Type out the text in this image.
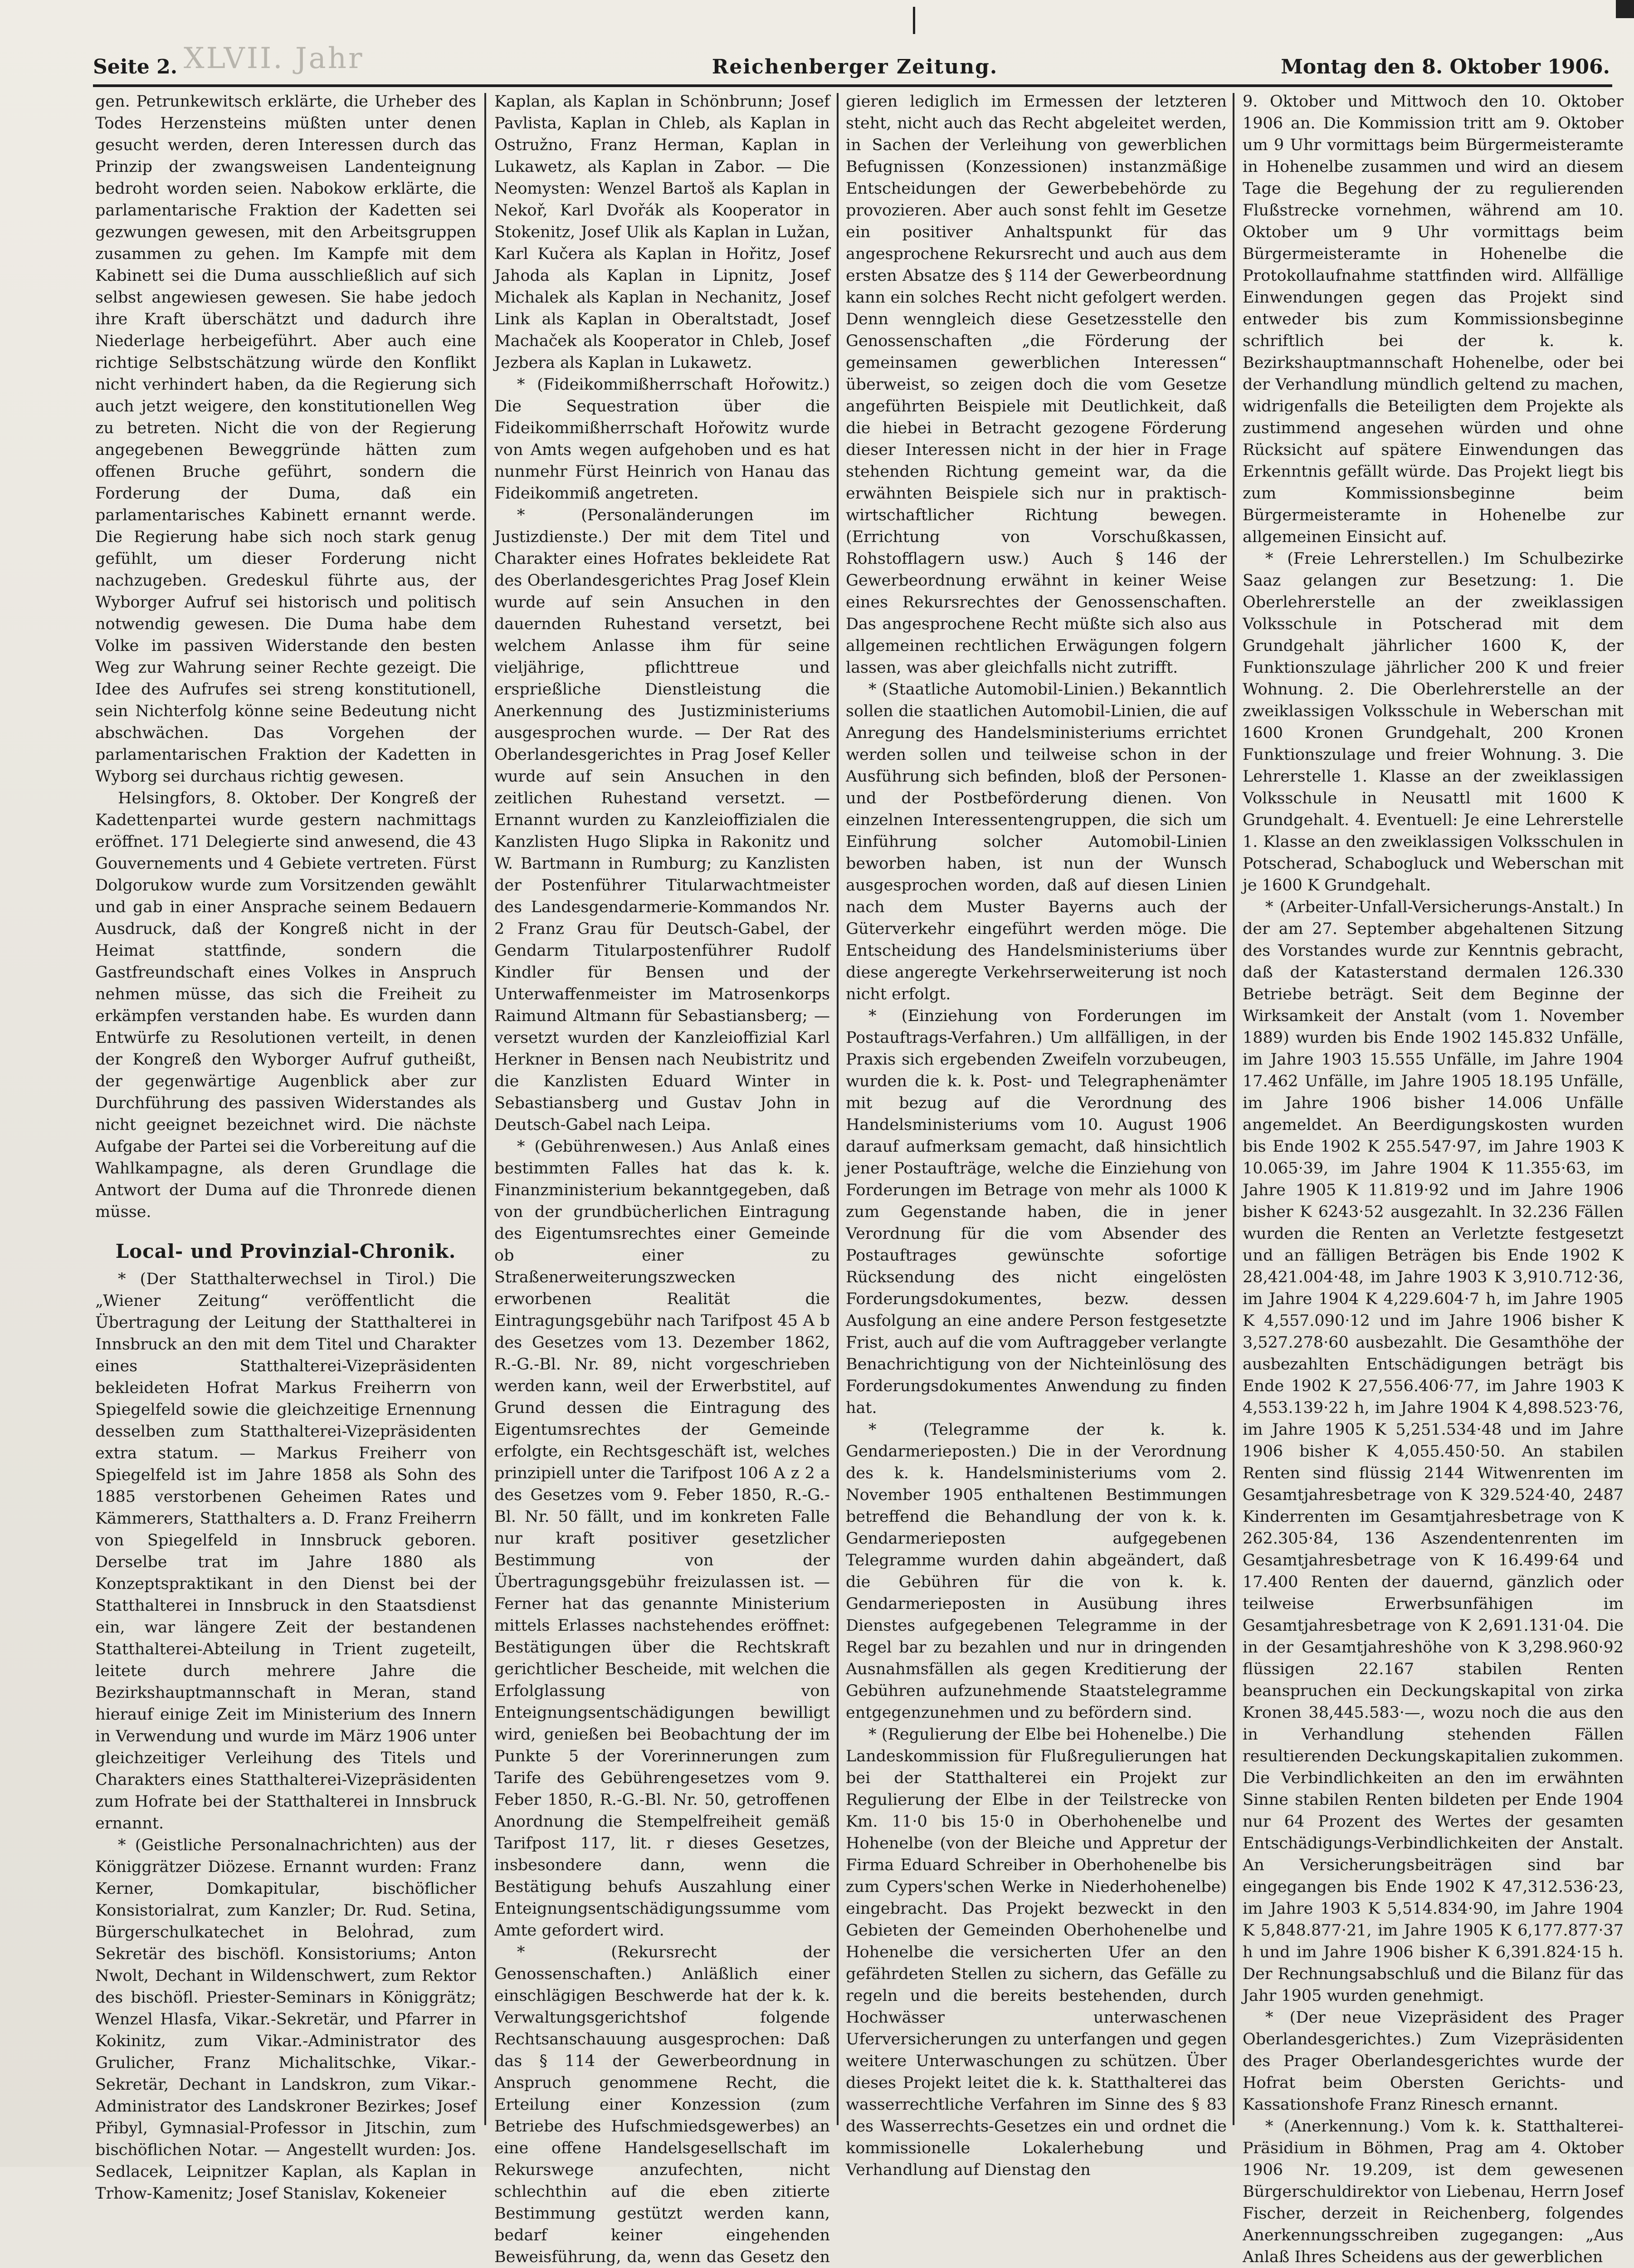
XLVII. Jahr
Seite 2.	Reichenberger Zeitung.	Montag den 8. Oktober 1906.

gen. Petrunkewitsch erklärte, die Urheber des Todes Herzensteins müßten unter denen gesucht werden, deren Interessen durch das Prinzip der zwangsweisen Landenteignung bedroht worden seien. Nabokow erklärte, die parlamentarische Fraktion der Kadetten sei gezwungen gewesen, mit den Arbeitsgruppen zusammen zu gehen. Im Kampfe mit dem Kabinett sei die Duma ausschließlich auf sich selbst angewiesen gewesen. Sie habe jedoch ihre Kraft überschätzt und dadurch ihre Niederlage herbeigeführt. Aber auch eine richtige Selbstschätzung würde den Konflikt nicht verhindert haben, da die Regierung sich auch jetzt weigere, den konstitutionellen Weg zu betreten. Nicht die von der Regierung angegebenen Beweggründe hätten zum offenen Bruche geführt, sondern die Forderung der Duma, daß ein parlamentarisches Kabinett ernannt werde. Die Regierung habe sich noch stark genug gefühlt, um dieser Forderung nicht nachzugeben. Gredeskul führte aus, der Wyborger Aufruf sei historisch und politisch notwendig gewesen. Die Duma habe dem Volke im passiven Widerstande den besten Weg zur Wahrung seiner Rechte gezeigt. Die Idee des Aufrufes sei streng konstitutionell, sein Nichterfolg könne seine Bedeutung nicht abschwächen. Das Vorgehen der parlamentarischen Fraktion der Kadetten in Wyborg sei durchaus richtig gewesen.

Helsingfors, 8. Oktober. Der Kongreß der Kadettenpartei wurde gestern nachmittags eröffnet. 171 Delegierte sind anwesend, die 43 Gouvernements und 4 Gebiete vertreten. Fürst Dolgorukow wurde zum Vorsitzenden gewählt und gab in einer Ansprache seinem Bedauern Ausdruck, daß der Kongreß nicht in der Heimat stattfinde, sondern die Gastfreundschaft eines Volkes in Anspruch nehmen müsse, das sich die Freiheit zu erkämpfen verstanden habe. Es wurden dann Entwürfe zu Resolutionen verteilt, in denen der Kongreß den Wyborger Aufruf gutheißt, der gegenwärtige Augenblick aber zur Durchführung des passiven Widerstandes als nicht geeignet bezeichnet wird. Die nächste Aufgabe der Partei sei die Vorbereitung auf die Wahlkampagne, als deren Grundlage die Antwort der Duma auf die Thronrede dienen müsse.

Local- und Provinzial-Chronik.

* (Der Statthalterwechsel in Tirol.) Die „Wiener Zeitung“ veröffentlicht die Übertragung der Leitung der Statthalterei in Innsbruck an den mit dem Titel und Charakter eines Statthalterei-Vizepräsidenten bekleideten Hofrat Markus Freiherrn von Spiegelfeld sowie die gleichzeitige Ernennung desselben zum Statthalterei-Vizepräsidenten extra statum. — Markus Freiherr von Spiegelfeld ist im Jahre 1858 als Sohn des 1885 verstorbenen Geheimen Rates und Kämmerers, Statthalters a. D. Franz Freiherrn von Spiegelfeld in Innsbruck geboren. Derselbe trat im Jahre 1880 als Konzeptspraktikant in den Dienst bei der Statthalterei in Innsbruck in den Staatsdienst ein, war längere Zeit der bestandenen Statthalterei-Abteilung in Trient zugeteilt, leitete durch mehrere Jahre die Bezirkshauptmannschaft in Meran, stand hierauf einige Zeit im Ministerium des Innern in Verwendung und wurde im März 1906 unter gleichzeitiger Verleihung des Titels und Charakters eines Statthalterei-Vizepräsidenten zum Hofrate bei der Statthalterei in Innsbruck ernannt.

* (Geistliche Personalnachrichten) aus der Königgrätzer Diözese. Ernannt wurden: Franz Kerner, Domkapitular, bischöflicher Konsistorialrat, zum Kanzler; Dr. Rud. Setina, Bürgerschulkatechet in Beloḣrad, zum Sekretär des bischöfl. Konsistoriums; Anton Nwolt, Dechant in Wildenschwert, zum Rektor des bischöfl. Priester-Seminars in Königgrätz; Wenzel Hlasfa, Vikar.-Sekretär, und Pfarrer in Kokinitz, zum Vikar.-Administrator des Grulicher, Franz Michalitschke, Vikar.-Sekretär, Dechant in Landskron, zum Vikar.-Administrator des Landskroner Bezirkes; Josef Přibyl, Gymnasial-Professor in Jitschin, zum bischöflichen Notar. — Angestellt wurden: Jos. Sedlacek, Leipnitzer Kaplan, als Kaplan in Trhow-Kamenitz; Josef Stanislav, Kokeneier

Kaplan, als Kaplan in Schönbrunn; Josef Pavlista, Kaplan in Chleb, als Kaplan in Ostružno, Franz Herman, Kaplan in Lukawetz, als Kaplan in Zabor. — Die Neomysten: Wenzel Bartoš als Kaplan in Nekoř, Karl Dvořák als Kooperator in Stokenitz, Josef Ulik als Kaplan in Lužan, Karl Kučera als Kaplan in Hořitz, Josef Jahoda als Kaplan in Lipnitz, Josef Michalek als Kaplan in Nechanitz, Josef Link als Kaplan in Oberaltstadt, Josef Machaček als Kooperator in Chleb, Josef Jezbera als Kaplan in Lukawetz.

* (Fideikommißherrschaft Hořowitz.) Die Sequestration über die Fideikommißherrschaft Hořowitz wurde von Amts wegen aufgehoben und es hat nunmehr Fürst Heinrich von Hanau das Fideikommiß angetreten.

* (Personaländerungen im Justizdienste.) Der mit dem Titel und Charakter eines Hofrates bekleidete Rat des Oberlandesgerichtes Prag Josef Klein wurde auf sein Ansuchen in den dauernden Ruhestand versetzt, bei welchem Anlasse ihm für seine vieljährige, pflichttreue und ersprießliche Dienstleistung die Anerkennung des Justizministeriums ausgesprochen wurde. — Der Rat des Oberlandesgerichtes in Prag Josef Keller wurde auf sein Ansuchen in den zeitlichen Ruhestand versetzt. — Ernannt wurden zu Kanzleioffizialen die Kanzlisten Hugo Slipka in Rakonitz und W. Bartmann in Rumburg; zu Kanzlisten der Postenführer Titularwachtmeister des Landesgendarmerie-Kommandos Nr. 2 Franz Grau für Deutsch-Gabel, der Gendarm Titularpostenführer Rudolf Kindler für Bensen und der Unterwaffenmeister im Matrosenkorps Raimund Altmann für Sebastiansberg; — versetzt wurden der Kanzleioffizial Karl Herkner in Bensen nach Neubistritz und die Kanzlisten Eduard Winter in Sebastiansberg und Gustav John in Deutsch-Gabel nach Leipa.

* (Gebührenwesen.) Aus Anlaß eines bestimmten Falles hat das k. k. Finanzministerium bekanntgegeben, daß von der grundbücherlichen Eintragung des Eigentumsrechtes einer Gemeinde ob einer zu Straßenerweiterungszwecken erworbenen Realität die Eintragungsgebühr nach Tarifpost 45 A b des Gesetzes vom 13. Dezember 1862, R.-G.-Bl. Nr. 89, nicht vorgeschrieben werden kann, weil der Erwerbstitel, auf Grund dessen die Eintragung des Eigentumsrechtes der Gemeinde erfolgte, ein Rechtsgeschäft ist, welches prinzipiell unter die Tarifpost 106 A z 2 a des Gesetzes vom 9. Feber 1850, R.-G.-Bl. Nr. 50 fällt, und im konkreten Falle nur kraft positiver gesetzlicher Bestimmung von der Übertragungsgebühr freizulassen ist. — Ferner hat das genannte Ministerium mittels Erlasses nachstehendes eröffnet: Bestätigungen über die Rechtskraft gerichtlicher Bescheide, mit welchen die Erfolglassung von Enteignungsentschädigungen bewilligt wird, genießen bei Beobachtung der im Punkte 5 der Vorerinnerungen zum Tarife des Gebührengesetzes vom 9. Feber 1850, R.-G.-Bl. Nr. 50, getroffenen Anordnung die Stempelfreiheit gemäß Tarifpost 117, lit. r dieses Gesetzes, insbesondere dann, wenn die Bestätigung behufs Auszahlung einer Enteignungsentschädigungssumme vom Amte gefordert wird.

* (Rekursrecht der Genossenschaften.) Anläßlich einer einschlägigen Beschwerde hat der k. k. Verwaltungsgerichtshof folgende Rechtsanschauung ausgesprochen: Daß das § 114 der Gewerbeordnung in Anspruch genommene Recht, die Erteilung einer Konzession (zum Betriebe des Hufschmiedsgewerbes) an eine offene Handelsgesellschaft im Rekurswege anzufechten, nicht schlechthin auf die eben zitierte Bestimmung gestützt werden kann, bedarf keiner eingehenden Beweisführung, da, wenn das Gesetz den

gieren lediglich im Ermessen der letzteren steht, nicht auch das Recht abgeleitet werden, in Sachen der Verleihung von gewerblichen Befugnissen (Konzessionen) instanzmäßige Entscheidungen der Gewerbebehörde zu provozieren. Aber auch sonst fehlt im Gesetze ein positiver Anhaltspunkt für das angesprochene Rekursrecht und auch aus dem ersten Absatze des § 114 der Gewerbeordnung kann ein solches Recht nicht gefolgert werden. Denn wenngleich diese Gesetzesstelle den Genossenschaften „die Förderung der gemeinsamen gewerblichen Interessen“ überweist, so zeigen doch die vom Gesetze angeführten Beispiele mit Deutlichkeit, daß die hiebei in Betracht gezogene Förderung dieser Interessen nicht in der hier in Frage stehenden Richtung gemeint war, da die erwähnten Beispiele sich nur in praktisch-wirtschaftlicher Richtung bewegen. (Errichtung von Vorschußkassen, Rohstofflagern usw.) Auch § 146 der Gewerbeordnung erwähnt in keiner Weise eines Rekursrechtes der Genossenschaften. Das angesprochene Recht müßte sich also aus allgemeinen rechtlichen Erwägungen folgern lassen, was aber gleichfalls nicht zutrifft.

* (Staatliche Automobil-Linien.) Bekanntlich sollen die staatlichen Automobil-Linien, die auf Anregung des Handelsministeriums errichtet werden sollen und teilweise schon in der Ausführung sich befinden, bloß der Personen- und der Postbeförderung dienen. Von einzelnen Interessentengruppen, die sich um Einführung solcher Automobil-Linien beworben haben, ist nun der Wunsch ausgesprochen worden, daß auf diesen Linien nach dem Muster Bayerns auch der Güterverkehr eingeführt werden möge. Die Entscheidung des Handelsministeriums über diese angeregte Verkehrserweiterung ist noch nicht erfolgt.

* (Einziehung von Forderungen im Postauftrags-Verfahren.) Um allfälligen, in der Praxis sich ergebenden Zweifeln vorzubeugen, wurden die k. k. Post- und Telegraphenämter mit bezug auf die Verordnung des Handelsministeriums vom 10. August 1906 darauf aufmerksam gemacht, daß hinsichtlich jener Postaufträge, welche die Einziehung von Forderungen im Betrage von mehr als 1000 K zum Gegenstande haben, die in jener Verordnung für die vom Absender des Postauftrages gewünschte sofortige Rücksendung des nicht eingelösten Forderungsdokumentes, bezw. dessen Ausfolgung an eine andere Person festgesetzte Frist, auch auf die vom Auftraggeber verlangte Benachrichtigung von der Nichteinlösung des Forderungsdokumentes Anwendung zu finden hat.

* (Telegramme der k. k. Gendarmerieposten.) Die in der Verordnung des k. k. Handelsministeriums vom 2. November 1905 enthaltenen Bestimmungen betreffend die Behandlung der von k. k. Gendarmerieposten aufgegebenen Telegramme wurden dahin abgeändert, daß die Gebühren für die von k. k. Gendarmerieposten in Ausübung ihres Dienstes aufgegebenen Telegramme in der Regel bar zu bezahlen und nur in dringenden Ausnahmsfällen als gegen Kreditierung der Gebühren aufzunehmende Staatstelegramme entgegenzunehmen und zu befördern sind.

* (Regulierung der Elbe bei Hohenelbe.) Die Landeskommission für Flußregulierungen hat bei der Statthalterei ein Projekt zur Regulierung der Elbe in der Teilstrecke von Km. 11·0 bis 15·0 in Oberhohenelbe und Hohenelbe (von der Bleiche und Appretur der Firma Eduard Schreiber in Oberhohenelbe bis zum Cypers'schen Werke in Niederhohenelbe) eingebracht. Das Projekt bezweckt in den Gebieten der Gemeinden Oberhohenelbe und Hohenelbe die versicherten Ufer an den gefährdeten Stellen zu sichern, das Gefälle zu regeln und die bereits bestehenden, durch Hochwässer unterwaschenen Uferversicherungen zu unterfangen und gegen weitere Unterwaschungen zu schützen. Über dieses Projekt leitet die k. k. Statthalterei das wasserrechtliche Verfahren im Sinne des § 83 des Wasserrechts-Gesetzes ein und ordnet die kommissionelle Lokalerhebung und Verhandlung auf Dienstag den

9. Oktober und Mittwoch den 10. Oktober 1906 an. Die Kommission tritt am 9. Oktober um 9 Uhr vormittags beim Bürgermeisteramte in Hohenelbe zusammen und wird an diesem Tage die Begehung der zu regulierenden Flußstrecke vornehmen, während am 10. Oktober um 9 Uhr vormittags beim Bürgermeisteramte in Hohenelbe die Protokollaufnahme stattfinden wird. Allfällige Einwendungen gegen das Projekt sind entweder bis zum Kommissionsbeginne schriftlich bei der k. k. Bezirkshauptmannschaft Hohenelbe, oder bei der Verhandlung mündlich geltend zu machen, widrigenfalls die Beteiligten dem Projekte als zustimmend angesehen würden und ohne Rücksicht auf spätere Einwendungen das Erkenntnis gefällt würde. Das Projekt liegt bis zum Kommissionsbeginne beim Bürgermeisteramte in Hohenelbe zur allgemeinen Einsicht auf.

* (Freie Lehrerstellen.) Im Schulbezirke Saaz gelangen zur Besetzung: 1. Die Oberlehrerstelle an der zweiklassigen Volksschule in Potscherad mit dem Grundgehalt jährlicher 1600 K, der Funktionszulage jährlicher 200 K und freier Wohnung. 2. Die Oberlehrerstelle an der zweiklassigen Volksschule in Weberschan mit 1600 Kronen Grundgehalt, 200 Kronen Funktionszulage und freier Wohnung. 3. Die Lehrerstelle 1. Klasse an der zweiklassigen Volksschule in Neusattl mit 1600 K Grundgehalt. 4. Eventuell: Je eine Lehrerstelle 1. Klasse an den zweiklassigen Volksschulen in Potscherad, Schabogluck und Weberschan mit je 1600 K Grundgehalt.

* (Arbeiter-Unfall-Versicherungs-Anstalt.) In der am 27. September abgehaltenen Sitzung des Vorstandes wurde zur Kenntnis gebracht, daß der Katasterstand dermalen 126.330 Betriebe beträgt. Seit dem Beginne der Wirksamkeit der Anstalt (vom 1. November 1889) wurden bis Ende 1902 145.832 Unfälle, im Jahre 1903 15.555 Unfälle, im Jahre 1904 17.462 Unfälle, im Jahre 1905 18.195 Unfälle, im Jahre 1906 bisher 14.006 Unfälle angemeldet. An Beerdigungskosten wurden bis Ende 1902 K 255.547·97, im Jahre 1903 K 10.065·39, im Jahre 1904 K 11.355·63, im Jahre 1905 K 11.819·92 und im Jahre 1906 bisher K 6243·52 ausgezahlt. In 32.236 Fällen wurden die Renten an Verletzte festgesetzt und an fälligen Beträgen bis Ende 1902 K 28,421.004·48, im Jahre 1903 K 3,910.712·36, im Jahre 1904 K 4,229.604·7 h, im Jahre 1905 K 4,557.090·12 und im Jahre 1906 bisher K 3,527.278·60 ausbezahlt. Die Gesamthöhe der ausbezahlten Entschädigungen beträgt bis Ende 1902 K 27,556.406·77, im Jahre 1903 K 4,553.139·22 h, im Jahre 1904 K 4,898.523·76, im Jahre 1905 K 5,251.534·48 und im Jahre 1906 bisher K 4,055.450·50. An stabilen Renten sind flüssig 2144 Witwenrenten im Gesamtjahresbetrage von K 329.524·40, 2487 Kinderrenten im Gesamtjahresbetrage von K 262.305·84, 136 Aszendentenrenten im Gesamtjahresbetrage von K 16.499·64 und 17.400 Renten der dauernd, gänzlich oder teilweise Erwerbsunfähigen im Gesamtjahresbetrage von K 2,691.131·04. Die in der Gesamtjahreshöhe von K 3,298.960·92 flüssigen 22.167 stabilen Renten beanspruchen ein Deckungskapital von zirka Kronen 38,445.583·—, wozu noch die aus den in Verhandlung stehenden Fällen resultierenden Deckungskapitalien zukommen. Die Verbindlichkeiten an den im erwähnten Sinne stabilen Renten bildeten per Ende 1904 nur 64 Prozent des Wertes der gesamten Entschädigungs-Verbindlichkeiten der Anstalt. An Versicherungsbeiträgen sind bar eingegangen bis Ende 1902 K 47,312.536·23, im Jahre 1903 K 5,514.834·90, im Jahre 1904 K 5,848.877·21, im Jahre 1905 K 6,177.877·37 h und im Jahre 1906 bisher K 6,391.824·15 h. Der Rechnungsabschluß und die Bilanz für das Jahr 1905 wurden genehmigt.

* (Der neue Vizepräsident des Prager Oberlandesgerichtes.) Zum Vizepräsidenten des Prager Oberlandesgerichtes wurde der Hofrat beim Obersten Gerichts- und Kassationshofe Franz Rinesch ernannt.

* (Anerkennung.) Vom k. k. Statthalterei-Präsidium in Böhmen, Prag am 4. Oktober 1906 Nr. 19.209, ist dem gewesenen Bürgerschuldirektor von Liebenau, Herrn Josef Fischer, derzeit in Reichenberg, folgendes Anerkennungsschreiben zugegangen: „Aus Anlaß Ihres Scheidens aus der gewerblichen
